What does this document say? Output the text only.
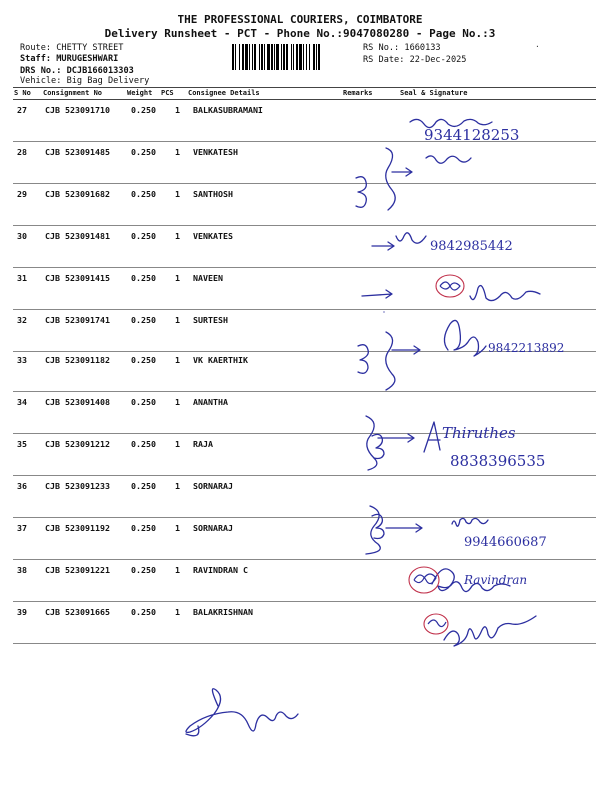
THE PROFESSIONAL COURIERS, COIMBATORE
Delivery Runsheet - PCT - Phone No.:9047080280 - Page No.:3
Route: CHETTY STREET
Staff: MURUGESHWARI
DRS No.: DCJB166013303
Vehicle: Big Bag Delivery
RS No.: 1660133
RS Date: 22-Dec-2025
S No Consignment No	Weight PCS Consignee Details	Remarks	Seal & Signature
27 CJB 523091710	0.250 1 BALKASUBRAMANI
28 CJB 523091485	0.250 1 VENKATESH
29 CJB 523091682	0.250 1 SANTHOSH
30 CJB 523091481	0.250 1 VENKATES
31 CJB 523091415	0.250 1 NAVEEN
32 CJB 523091741	0.250 1 SURTESH
33 CJB 523091182	0.250 1 VK KAERTHIK
34 CJB 523091408	0.250 1 ANANTHA
35 CJB 523091212	0.250 1 RAJA
36 CJB 523091233	0.250 1 SORNARAJ
37 CJB 523091192	0.250 1 SORNARAJ
38 CJB 523091221	0.250 1 RAVINDRAN C
39 CJB 523091665	0.250 1 BALAKRISHNAN
9344128253
9842985442
9842213892
Thiruthes
8838396535
9944660687
Ravindran
·
